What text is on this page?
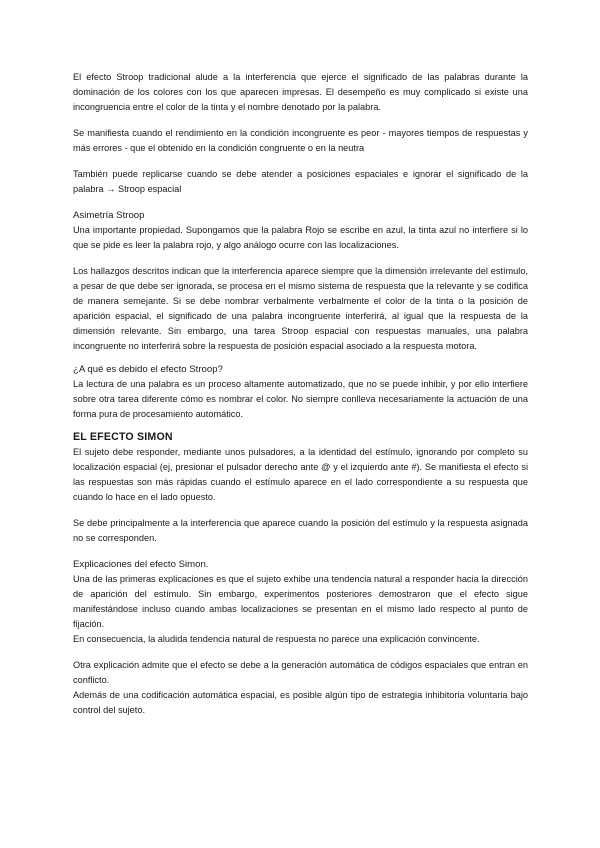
El efecto Stroop tradicional alude a la interferencia que ejerce el significado de las palabras durante la dominación de los colores con los que aparecen impresas. El desempeño es muy complicado si existe una incongruencia entre el color de la tinta y el nombre denotado por la palabra.

Se manifiesta cuando el rendimiento en la condición incongruente es peor - mayores tiempos de respuestas y más errores - que el obtenido en la condición congruente o en la neutra

También puede replicarse cuando se debe atender a posiciones espaciales e ignorar el significado de la palabra → Stroop espacial

Asimetría Stroop

Una importante propiedad. Supongamos que la palabra Rojo se escribe en azul, la tinta azul no interfiere si lo que se pide es leer la palabra rojo, y algo análogo ocurre con las localizaciones.

Los hallazgos descritos indican que la interferencia aparece siempre que la dimensión irrelevante del estímulo, a pesar de que debe ser ignorada, se procesa en el mismo sistema de respuesta que la relevante y se codifica de manera semejante. Si se debe nombrar verbalmente verbalmente el color de la tinta o la posición de aparición espacial, el significado de una palabra incongruente interferirá, al igual que la respuesta de la dimensión relevante. Sin embargo, una tarea Stroop espacial con respuestas manuales, una palabra incongruente no interferirá sobre la respuesta de posición espacial asociado a la respuesta motora.

¿A qué es debido el efecto Stroop?

La lectura de una palabra es un proceso altamente automatizado, que no se puede inhibir, y por ello interfiere sobre otra tarea diferente cómo es nombrar el color. No siempre conlleva necesariamente la actuación de una forma pura de procesamiento automático.

EL EFECTO SIMON

El sujeto debe responder, mediante unos pulsadores, a la identidad del estímulo, ignorando por completo su localización espacial (ej, presionar el pulsador derecho ante @ y el izquierdo ante #). Se manifiesta el efecto si las respuestas son más rápidas cuando el estímulo aparece en el lado correspondiente a su respuesta que cuando lo hace en el lado opuesto.

Se debe principalmente a la interferencia que aparece cuando la posición del estímulo y la respuesta asignada no se corresponden.

Explicaciones del efecto Simon.

Una de las primeras explicaciones es que el sujeto exhibe una tendencia natural a responder hacia la dirección de aparición del estímulo. Sin embargo, experimentos posteriores demostraron que el efecto sigue manifestándose incluso cuando ambas localizaciones se presentan en el mismo lado respecto al punto de fijación.

En consecuencia, la aludida tendencia natural de respuesta no parece una explicación convincente.

Otra explicación admite que el efecto se debe a la generación automática de códigos espaciales que entran en conflicto.

Además de una codificación automática espacial, es posible algún tipo de estrategia inhibitoria voluntaria bajo control del sujeto.
